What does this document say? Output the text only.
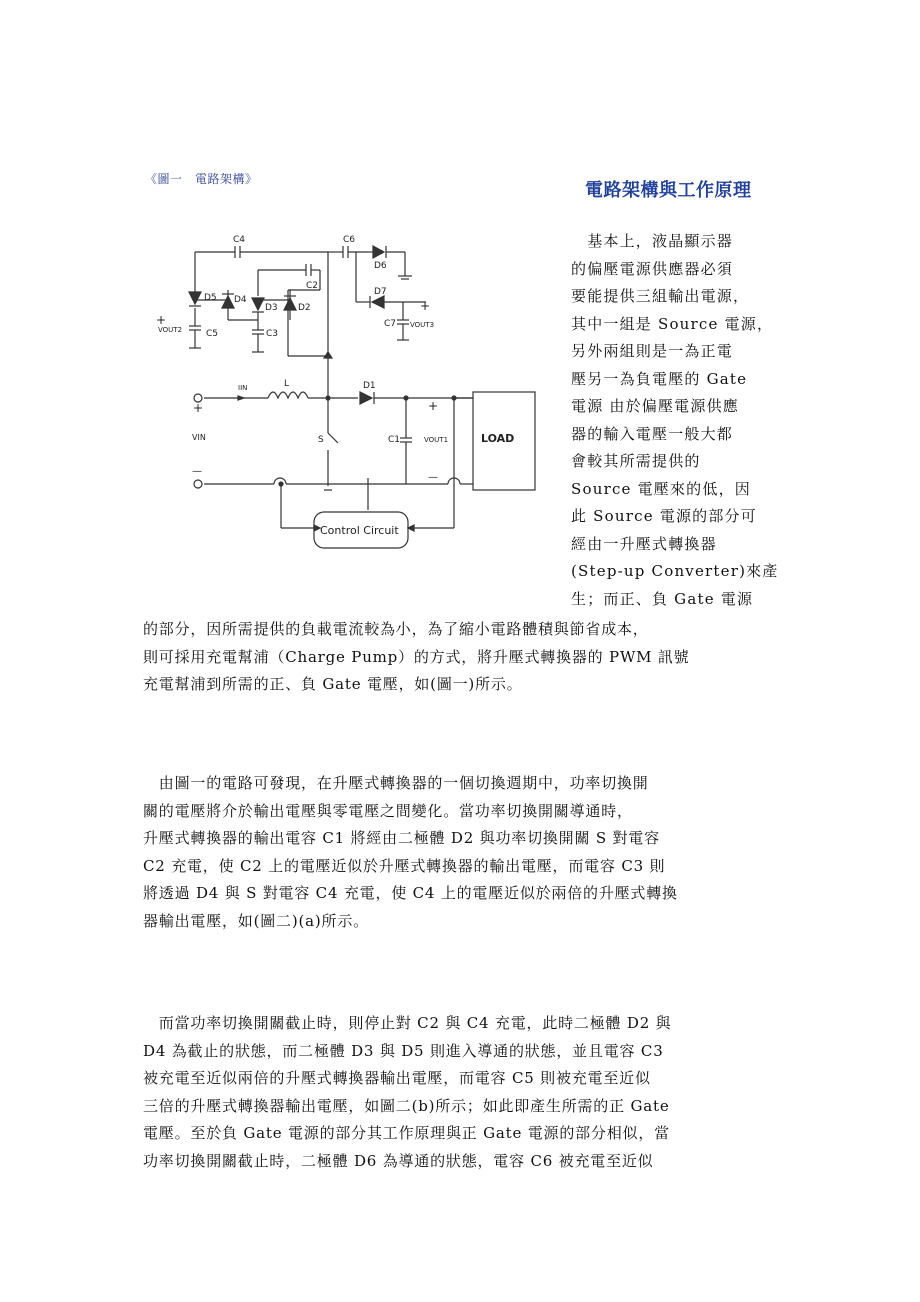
《圖一　電路架構》
電路架構與工作原理
C4	C6
D6
D5 D4
D3 D2
C2
D7
C7 VOUT3
VOUT2	C5	C3
IIN	L	D1
VIN	S	C1	VOUT1	LOAD
Control Circuit
+	+
+
+
—
—
　基本上，液晶顯示器
的偏壓電源供應器必須
要能提供三組輸出電源，
其中一組是 Source 電源，
另外兩組則是一為正電
壓另一為負電壓的 Gate
電源 由於偏壓電源供應
器的輸入電壓一般大都
會較其所需提供的
Source 電壓來的低，因
此 Source 電源的部分可
經由一升壓式轉換器
(Step-up Converter)來產
生；而正、負 Gate 電源
的部分，因所需提供的負載電流較為小，為了縮小電路體積與節省成本，
則可採用充電幫浦（Charge Pump）的方式，將升壓式轉換器的 PWM 訊號
充電幫浦到所需的正、負 Gate 電壓，如(圖一)所示。
　由圖一的電路可發現，在升壓式轉換器的一個切換週期中，功率切換開
關的電壓將介於輸出電壓與零電壓之間變化。當功率切換開關導通時，
升壓式轉換器的輸出電容 C1 將經由二極體 D2 與功率切換開關 S 對電容
C2 充電，使 C2 上的電壓近似於升壓式轉換器的輸出電壓，而電容 C3 則
將透過 D4 與 S 對電容 C4 充電，使 C4 上的電壓近似於兩倍的升壓式轉換
器輸出電壓，如(圖二)(a)所示。
　而當功率切換開關截止時，則停止對 C2 與 C4 充電，此時二極體 D2 與
D4 為截止的狀態，而二極體 D3 與 D5 則進入導通的狀態，並且電容 C3
被充電至近似兩倍的升壓式轉換器輸出電壓，而電容 C5 則被充電至近似
三倍的升壓式轉換器輸出電壓，如圖二(b)所示；如此即產生所需的正 Gate
電壓。至於負 Gate 電源的部分其工作原理與正 Gate 電源的部分相似，當
功率切換開關截止時，二極體 D6 為導通的狀態，電容 C6 被充電至近似
